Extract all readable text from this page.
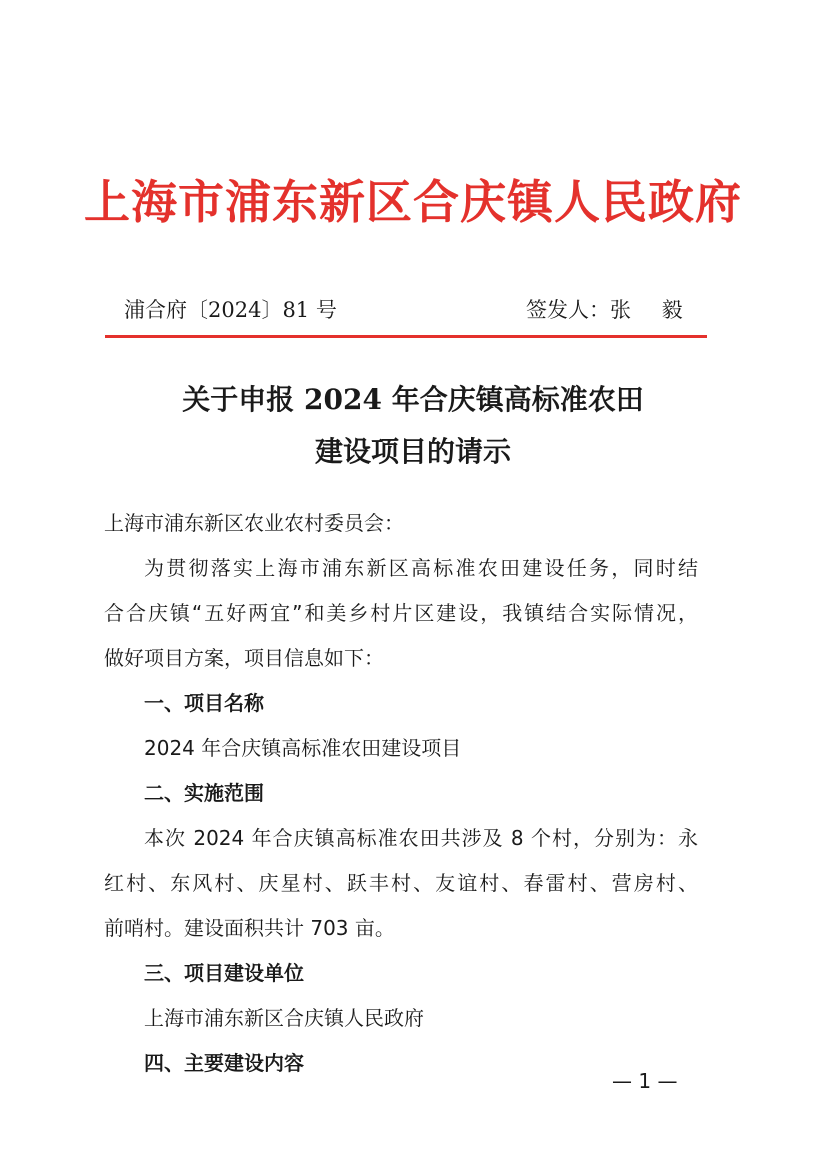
上海市浦东新区合庆镇人民政府
浦合府〔2024〕81 号	签发人：张 毅
关于申报 2024 年合庆镇高标准农田
建设项目的请示
上海市浦东新区农业农村委员会：
为贯彻落实上海市浦东新区高标准农田建设任务，同时结
合合庆镇“五好两宜”和美乡村片区建设，我镇结合实际情况，
做好项目方案，项目信息如下：
一、项目名称
2024 年合庆镇高标准农田建设项目
二、实施范围
本次 2024 年合庆镇高标准农田共涉及 8 个村，分别为：永
红村、东风村、庆星村、跃丰村、友谊村、春雷村、营房村、
前哨村。建设面积共计 703 亩。
三、项目建设单位
上海市浦东新区合庆镇人民政府
四、主要建设内容
— 1 —
